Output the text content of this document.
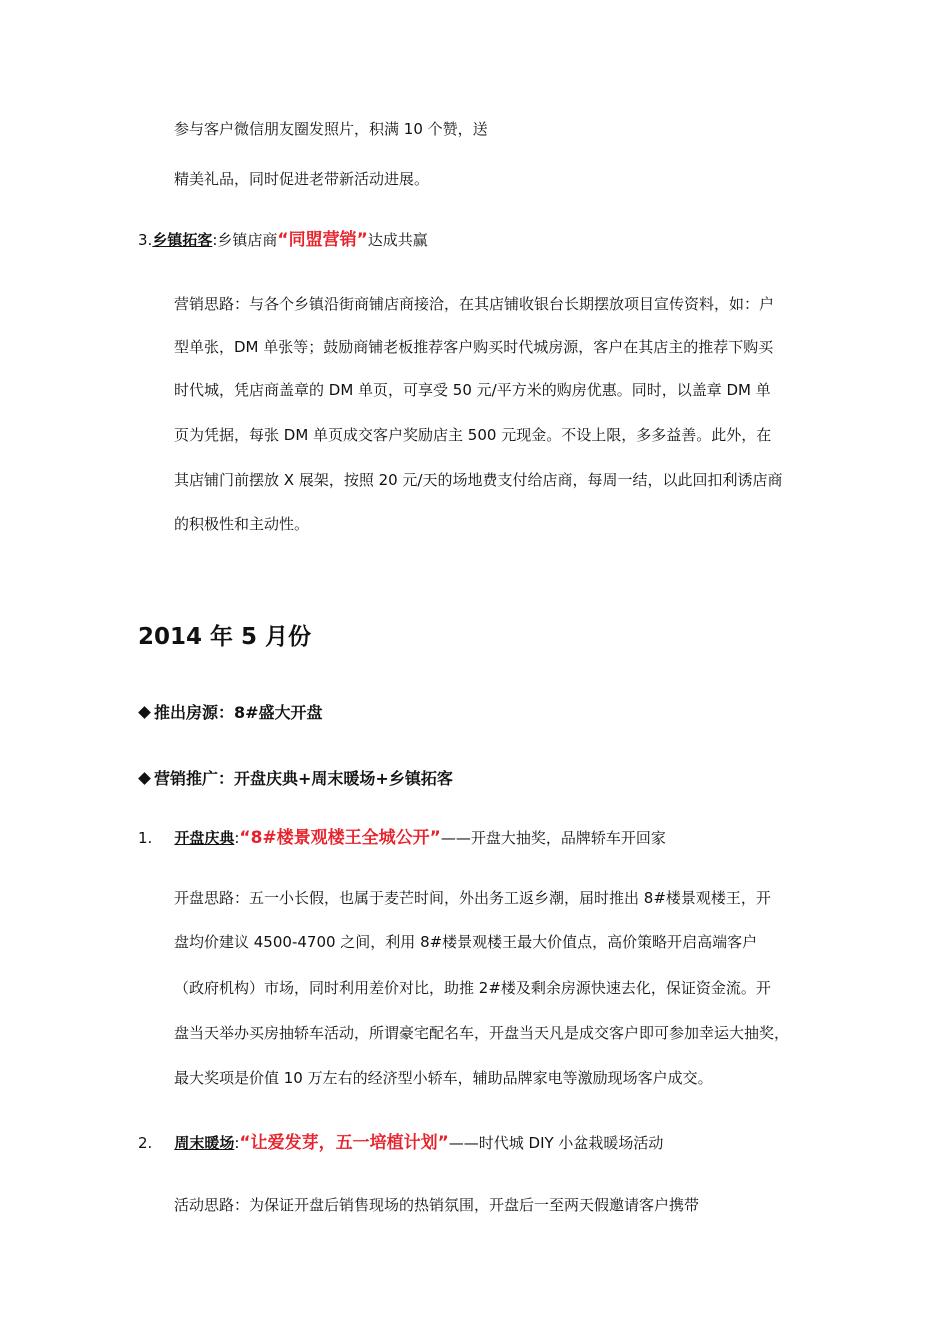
参与客户微信朋友圈发照片，积满 10 个赞，送
精美礼品，同时促进老带新活动进展。
3.乡镇拓客:乡镇店商“同盟营销”达成共赢
营销思路：与各个乡镇沿街商铺店商接洽，在其店铺收银台长期摆放项目宣传资料，如：户
型单张，DM 单张等；鼓励商铺老板推荐客户购买时代城房源，客户在其店主的推荐下购买
时代城，凭店商盖章的 DM 单页，可享受 50 元/平方米的购房优惠。同时，以盖章 DM 单
页为凭据，每张 DM 单页成交客户奖励店主 500 元现金。不设上限，多多益善。此外，在
其店铺门前摆放 X 展架，按照 20 元/天的场地费支付给店商，每周一结，以此回扣利诱店商
的积极性和主动性。
2014 年 5 月份
推出房源：8#盛大开盘
营销推广：开盘庆典+周末暖场+乡镇拓客
1. 开盘庆典:“8#楼景观楼王全城公开”——开盘大抽奖，品牌轿车开回家
开盘思路：五一小长假，也属于麦芒时间，外出务工返乡潮，届时推出 8#楼景观楼王，开
盘均价建议 4500-4700 之间，利用 8#楼景观楼王最大价值点，高价策略开启高端客户
（政府机构）市场，同时利用差价对比，助推 2#楼及剩余房源快速去化，保证资金流。开
盘当天举办买房抽轿车活动，所谓豪宅配名车，开盘当天凡是成交客户即可参加幸运大抽奖，
最大奖项是价值 10 万左右的经济型小轿车，辅助品牌家电等激励现场客户成交。
2. 周末暖场:“让爱发芽，五一培植计划”——时代城 DIY 小盆栽暖场活动
活动思路：为保证开盘后销售现场的热销氛围，开盘后一至两天假邀请客户携带
